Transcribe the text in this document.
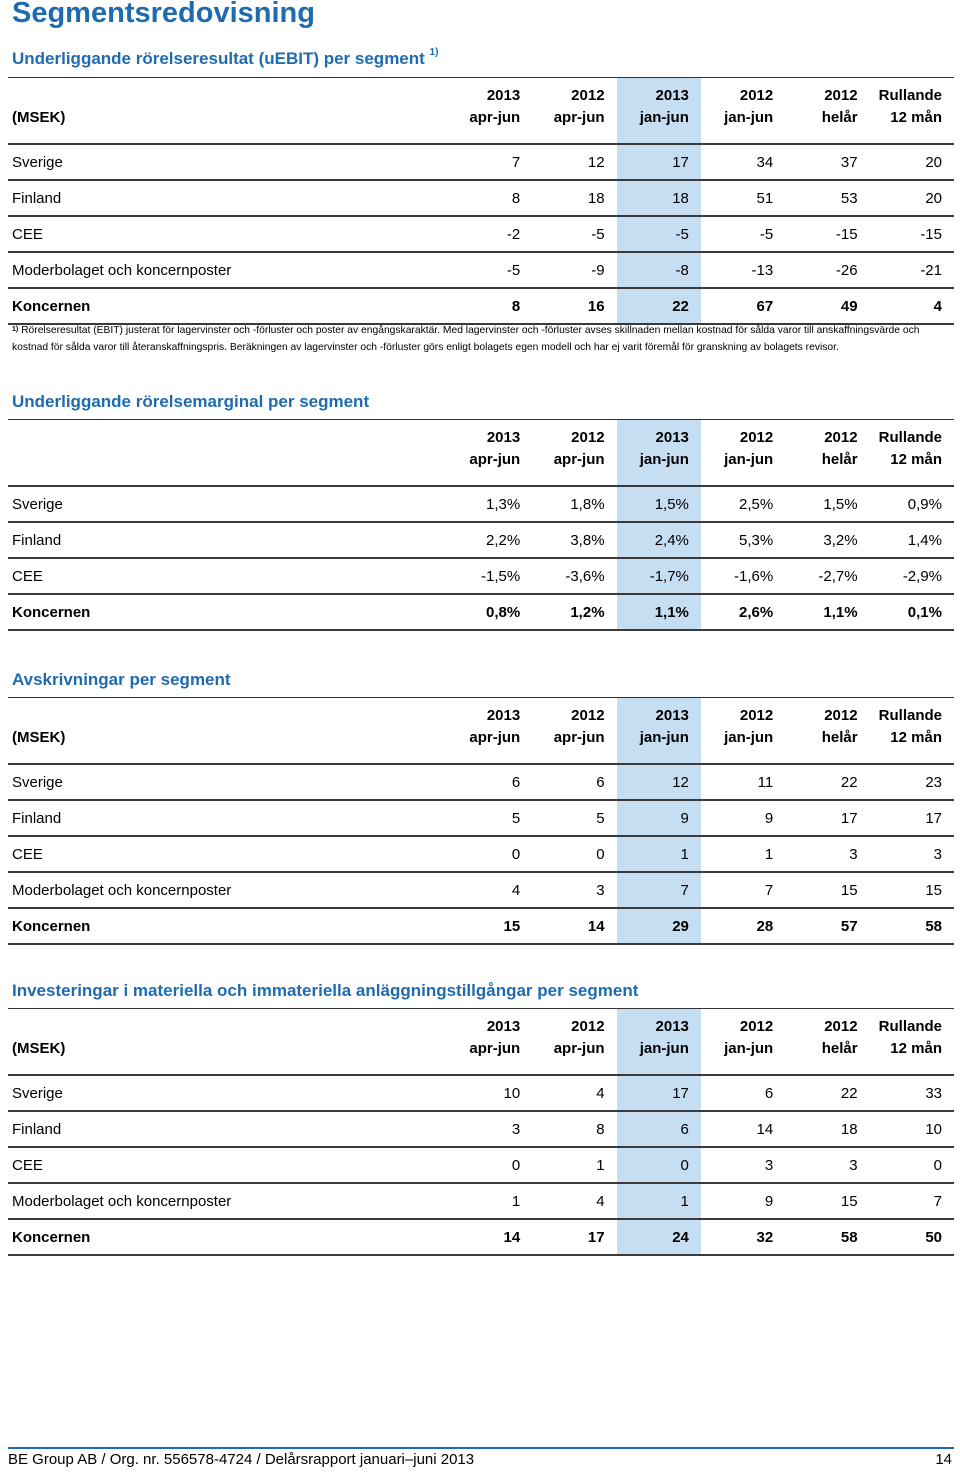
Segmentsredovisning
Underliggande rörelseresultat (uEBIT) per segment $^{1)}$
	2013	2012	2013	2012	2012	Rullande
(MSEK)	apr-jun	apr-jun	jan-jun	jan-jun	helår	12 mån
Sverige	7	12	17	34	37	20
Finland	8	18	18	51	53	20
CEE	-2	-5	-5	-5	-15	-15
Moderbolaget och koncernposter	-5	-9	-8	-13	-26	-21
Koncernen	8	16	22	67	49	4
$^{1)}$ Rörelseresultat (EBIT) justerat för lagervinster och -förluster och poster av engångskaraktär. Med lagervinster och -förluster avses skillnaden mellan kostnad för sålda varor till anskaffningsvärde och kostnad för sålda varor till återanskaffningspris. Beräkningen av lagervinster och -förluster görs enligt bolagets egen modell och har ej varit föremål för granskning av bolagets revisor.
Underliggande rörelsemarginal per segment
	2013	2012	2013	2012	2012	Rullande
	apr-jun	apr-jun	jan-jun	jan-jun	helår	12 mån
Sverige	1,3%	1,8%	1,5%	2,5%	1,5%	0,9%
Finland	2,2%	3,8%	2,4%	5,3%	3,2%	1,4%
CEE	-1,5%	-3,6%	-1,7%	-1,6%	-2,7%	-2,9%
Koncernen	0,8%	1,2%	1,1%	2,6%	1,1%	0,1%
Avskrivningar per segment
	2013	2012	2013	2012	2012	Rullande
(MSEK)	apr-jun	apr-jun	jan-jun	jan-jun	helår	12 mån
Sverige	6	6	12	11	22	23
Finland	5	5	9	9	17	17
CEE	0	0	1	1	3	3
Moderbolaget och koncernposter	4	3	7	7	15	15
Koncernen	15	14	29	28	57	58
Investeringar i materiella och immateriella anläggningstillgångar per segment
	2013	2012	2013	2012	2012	Rullande
(MSEK)	apr-jun	apr-jun	jan-jun	jan-jun	helår	12 mån
Sverige	10	4	17	6	22	33
Finland	3	8	6	14	18	10
CEE	0	1	0	3	3	0
Moderbolaget och koncernposter	1	4	1	9	15	7
Koncernen	14	17	24	32	58	50
BE Group AB / Org. nr. 556578-4724 / Delårsrapport januari–juni 2013	14
